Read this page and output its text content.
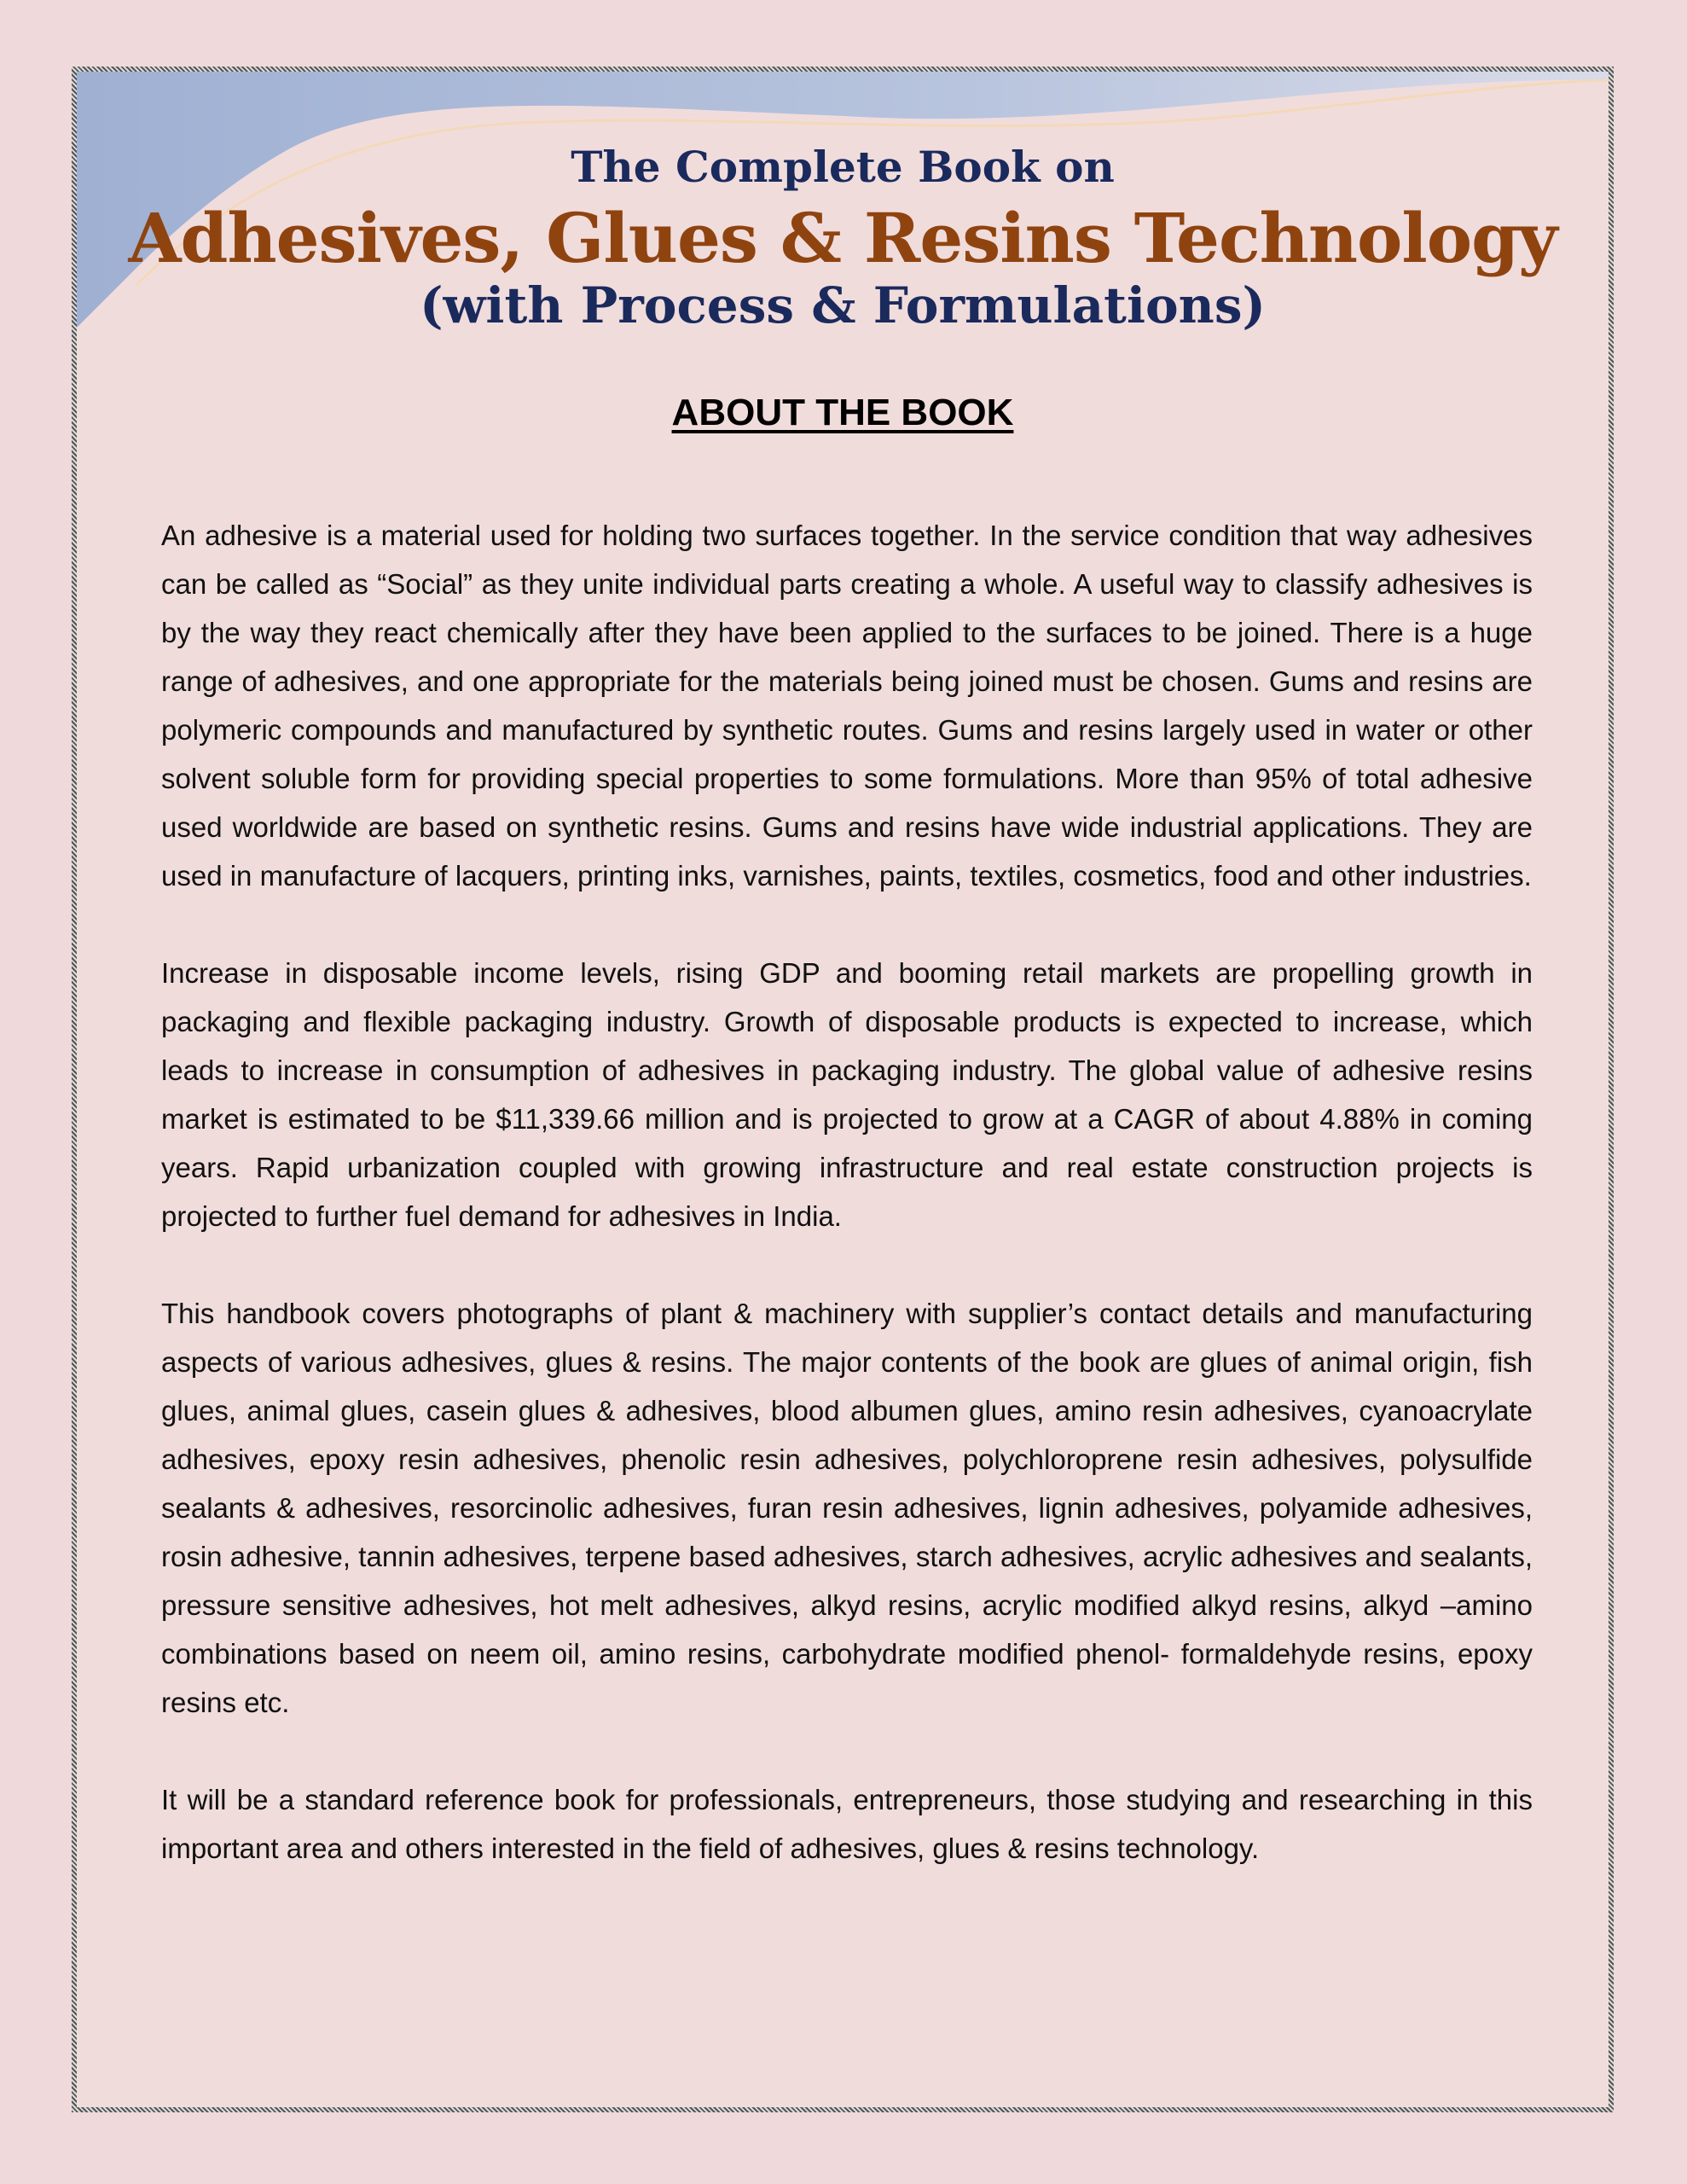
The Complete Book on
Adhesives, Glues & Resins Technology
(with Process & Formulations)
ABOUT THE BOOK

An adhesive is a material used for holding two surfaces together. In the service condition that way adhesives can be called as “Social” as they unite individual parts creating a whole. A useful way to classify adhesives is by the way they react chemically after they have been applied to the surfaces to be joined. There is a huge range of adhesives, and one appropriate for the materials being joined must be chosen. Gums and resins are polymeric compounds and manufactured by synthetic routes. Gums and resins largely used in water or other solvent soluble form for providing special properties to some formulations. More than 95% of total adhesive used worldwide are based on synthetic resins. Gums and resins have wide industrial applications. They are used in manufacture of lacquers, printing inks, varnishes, paints, textiles, cosmetics, food and other industries.

Increase in disposable income levels, rising GDP and booming retail markets are propelling growth in packaging and flexible packaging industry. Growth of disposable products is expected to increase, which leads to increase in consumption of adhesives in packaging industry. The global value of adhesive resins market is estimated to be $11,339.66 million and is projected to grow at a CAGR of about 4.88% in coming years. Rapid urbanization coupled with growing infrastructure and real estate construction projects is projected to further fuel demand for adhesives in India.

This handbook covers photographs of plant & machinery with supplier’s contact details and manufacturing aspects of various adhesives, glues & resins. The major contents of the book are glues of animal origin, fish glues, animal glues, casein glues & adhesives, blood albumen glues, amino resin adhesives, cyanoacrylate adhesives, epoxy resin adhesives, phenolic resin adhesives, polychloroprene resin adhesives, polysulfide sealants & adhesives, resorcinolic adhesives, furan resin adhesives, lignin adhesives, polyamide adhesives, rosin adhesive, tannin adhesives, terpene based adhesives, starch adhesives, acrylic adhesives and sealants, pressure sensitive adhesives, hot melt adhesives, alkyd resins, acrylic modified alkyd resins, alkyd –amino combinations based on neem oil, amino resins, carbohydrate modified phenol- formaldehyde resins, epoxy resins etc.

It will be a standard reference book for professionals, entrepreneurs, those studying and researching in this important area and others interested in the field of adhesives, glues & resins technology.
